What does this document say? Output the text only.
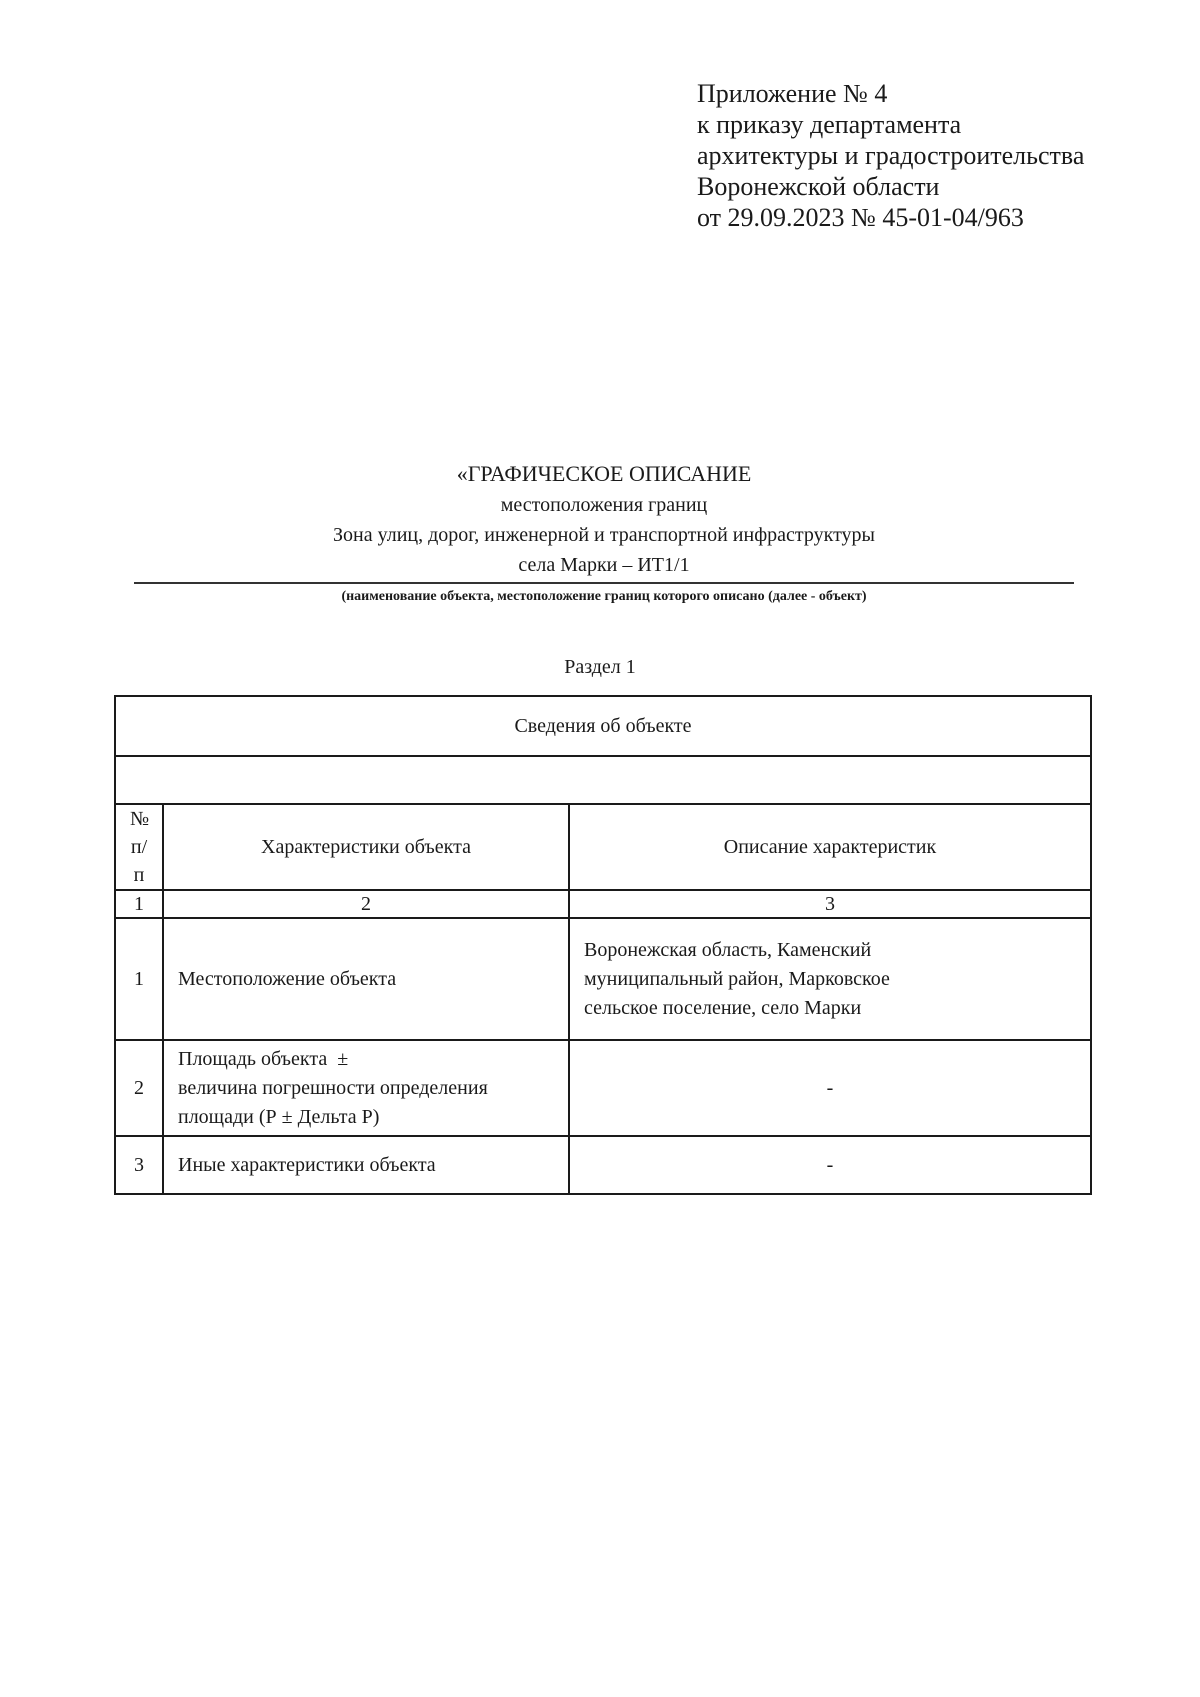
Приложение № 4
к приказу департамента
архитектуры и градостроительства
Воронежской области
от 29.09.2023 № 45-01-04/963
«ГРАФИЧЕСКОЕ ОПИСАНИЕ
местоположения границ
Зона улиц, дорог, инженерной и транспортной инфраструктуры
села Марки – ИТ1/1
(наименование объекта, местоположение границ которого описано (далее - объект)
Раздел 1
Сведения об объекте		

№
п/п	Характеристики объекта	Описание характеристик
1	2	3
1	Местоположение объекта	Воронежская область, Каменский
муниципальный район, Марковское
сельское поселение, село Марки

2	Площадь объекта  ±
величина погрешности определения
площади (Р ± Дельта Р)	-

3	Иные характеристики объекта	-
